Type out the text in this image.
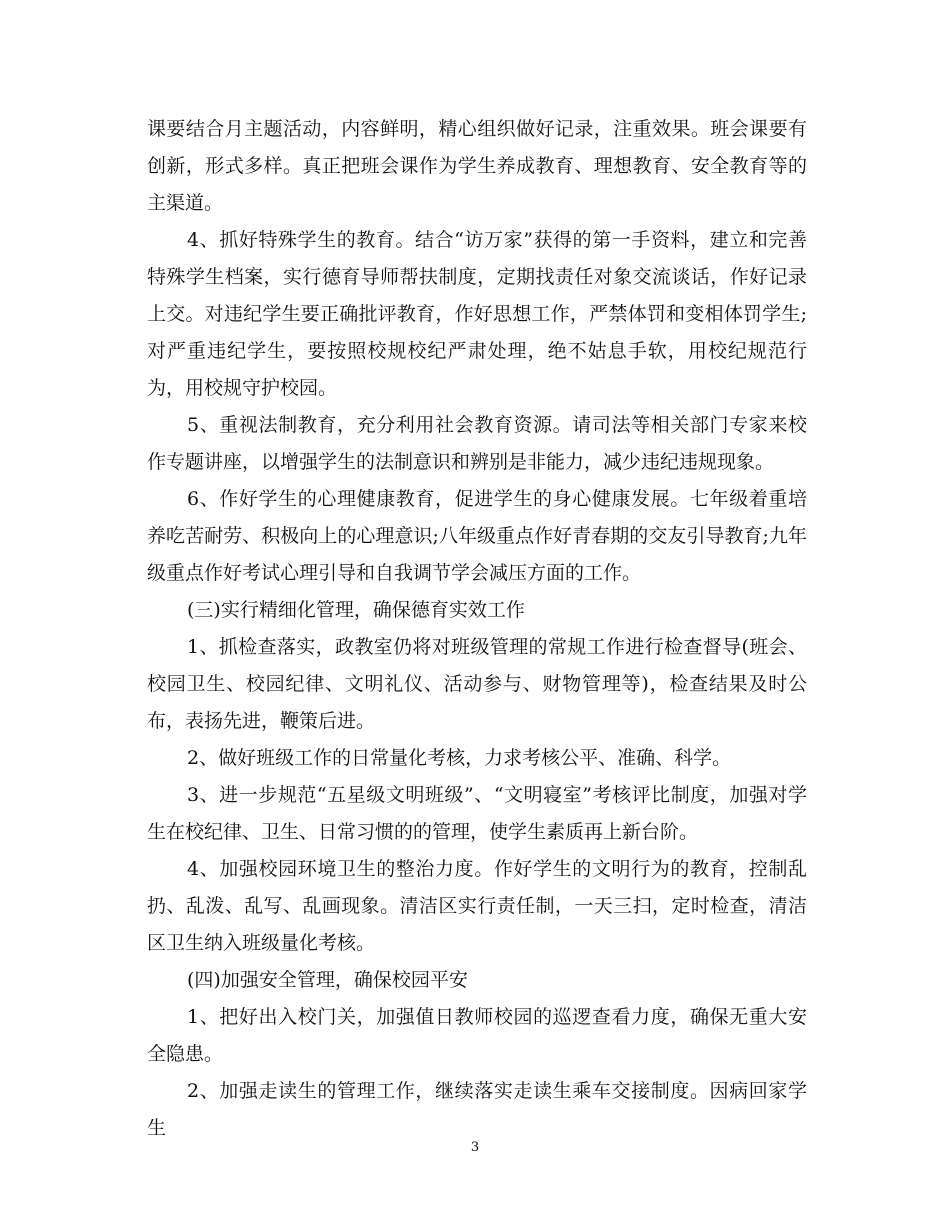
课要结合月主题活动，内容鲜明，精心组织做好记录，注重效果。班会课要有创新，形式多样。真正把班会课作为学生养成教育、理想教育、安全教育等的主渠道。

4、抓好特殊学生的教育。结合“访万家”获得的第一手资料，建立和完善特殊学生档案，实行德育导师帮扶制度，定期找责任对象交流谈话，作好记录上交。对违纪学生要正确批评教育，作好思想工作，严禁体罚和变相体罚学生;对严重违纪学生，要按照校规校纪严肃处理，绝不姑息手软，用校纪规范行为，用校规守护校园。

5、重视法制教育，充分利用社会教育资源。请司法等相关部门专家来校作专题讲座，以增强学生的法制意识和辨别是非能力，减少违纪违规现象。

6、作好学生的心理健康教育，促进学生的身心健康发展。七年级着重培养吃苦耐劳、积极向上的心理意识;八年级重点作好青春期的交友引导教育;九年级重点作好考试心理引导和自我调节学会减压方面的工作。

(三)实行精细化管理，确保德育实效工作

1、抓检查落实，政教室仍将对班级管理的常规工作进行检查督导(班会、校园卫生、校园纪律、文明礼仪、活动参与、财物管理等)，检查结果及时公布，表扬先进，鞭策后进。

2、做好班级工作的日常量化考核，力求考核公平、准确、科学。

3、进一步规范“五星级文明班级”、“文明寝室”考核评比制度，加强对学生在校纪律、卫生、日常习惯的的管理，使学生素质再上新台阶。

4、加强校园环境卫生的整治力度。作好学生的文明行为的教育，控制乱扔、乱泼、乱写、乱画现象。清洁区实行责任制，一天三扫，定时检查，清洁区卫生纳入班级量化考核。

(四)加强安全管理，确保校园平安

1、把好出入校门关，加强值日教师校园的巡逻查看力度，确保无重大安全隐患。

2、加强走读生的管理工作，继续落实走读生乘车交接制度。因病回家学生

3
